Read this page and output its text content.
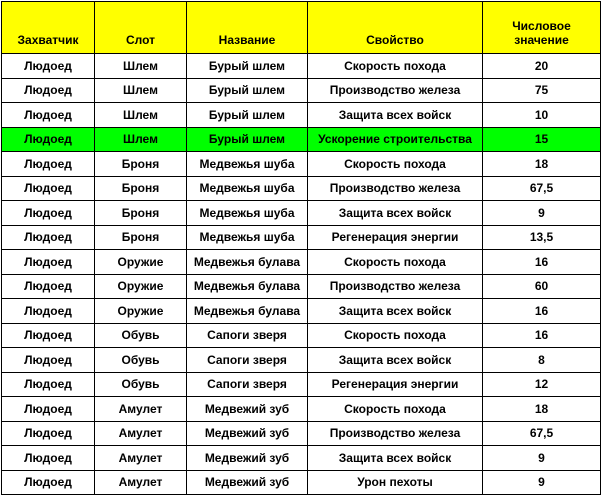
Захватчик	Слот	Название	Свойство	Числовое
значение
Людоед	Шлем	Бурый шлем	Скорость похода	20
Людоед	Шлем	Бурый шлем	Производство железа	75
Людоед	Шлем	Бурый шлем	Защита всех войск	10
Людоед	Шлем	Бурый шлем	Ускорение строительства	15
Людоед	Броня	Медвежья шуба	Скорость похода	18
Людоед	Броня	Медвежья шуба	Производство железа	67,5
Людоед	Броня	Медвежья шуба	Защита всех войск	9
Людоед	Броня	Медвежья шуба	Регенерация энергии	13,5
Людоед	Оружие	Медвежья булава	Скорость похода	16
Людоед	Оружие	Медвежья булава	Производство железа	60
Людоед	Оружие	Медвежья булава	Защита всех войск	16
Людоед	Обувь	Сапоги зверя	Скорость похода	16
Людоед	Обувь	Сапоги зверя	Защита всех войск	8
Людоед	Обувь	Сапоги зверя	Регенерация энергии	12
Людоед	Амулет	Медвежий зуб	Скорость похода	18
Людоед	Амулет	Медвежий зуб	Производство железа	67,5
Людоед	Амулет	Медвежий зуб	Защита всех войск	9
Людоед	Амулет	Медвежий зуб	Урон пехоты	9
